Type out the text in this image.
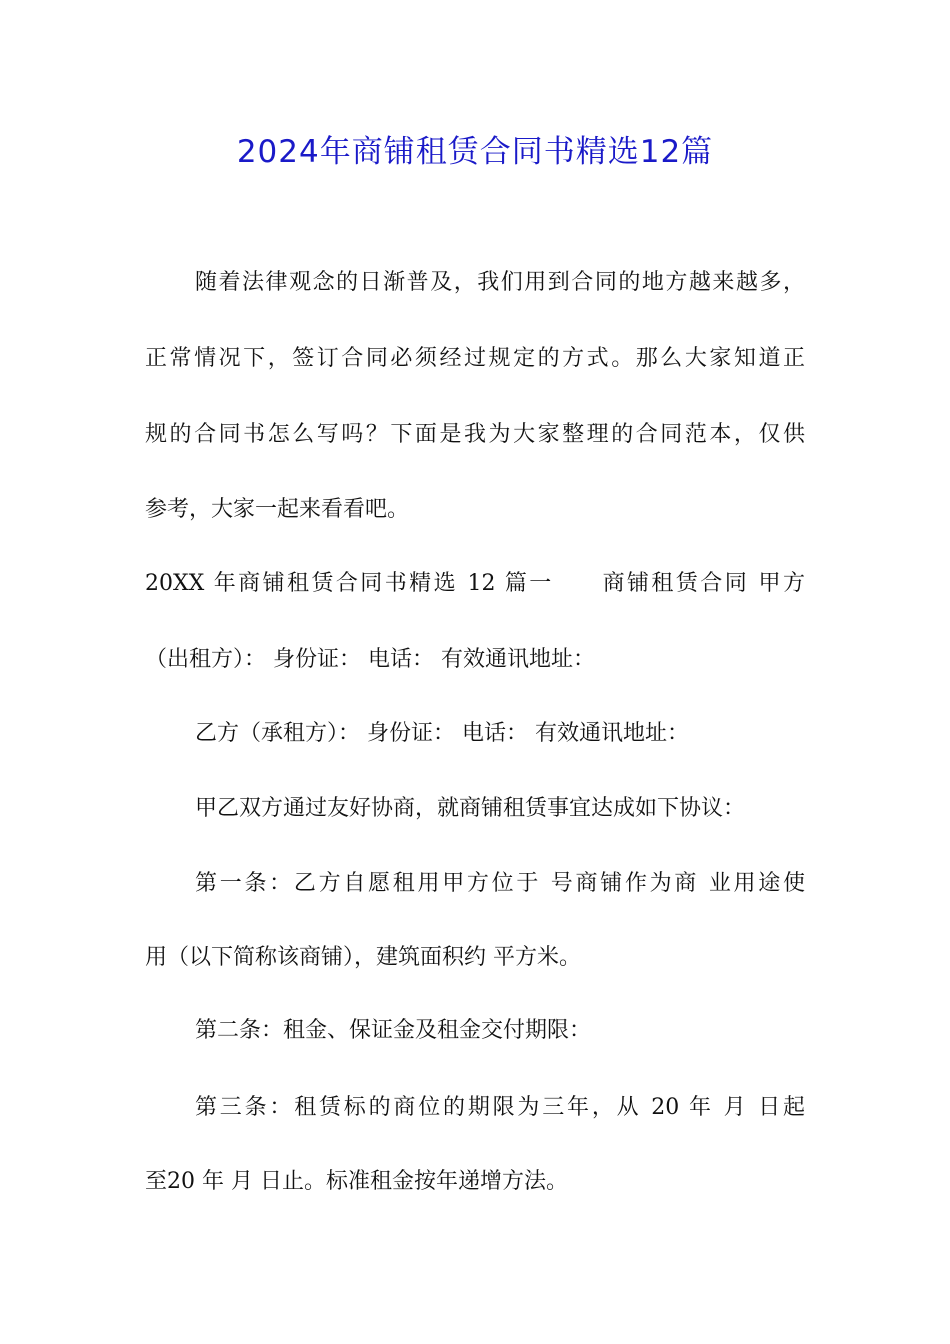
2024年商铺租赁合同书精选12篇
随着法律观念的日渐普及，我们用到合同的地方越来越多，
正常情况下，签订合同必须经过规定的方式。那么大家知道正
规的合同书怎么写吗？下面是我为大家整理的合同范本，仅供
参考，大家一起来看看吧。
20XX 年商铺租赁合同书精选 12 篇一　　商铺租赁合同 甲方
（出租方）： 身份证： 电话： 有效通讯地址：
乙方（承租方）： 身份证： 电话： 有效通讯地址：
甲乙双方通过友好协商，就商铺租赁事宜达成如下协议：
第一条：乙方自愿租用甲方位于 号商铺作为商 业用途使
用（以下简称该商铺），建筑面积约 平方米。
第二条：租金、保证金及租金交付期限：
第三条：租赁标的商位的期限为三年，从 20 年 月 日起
至20 年 月 日止。标准租金按年递增方法。
